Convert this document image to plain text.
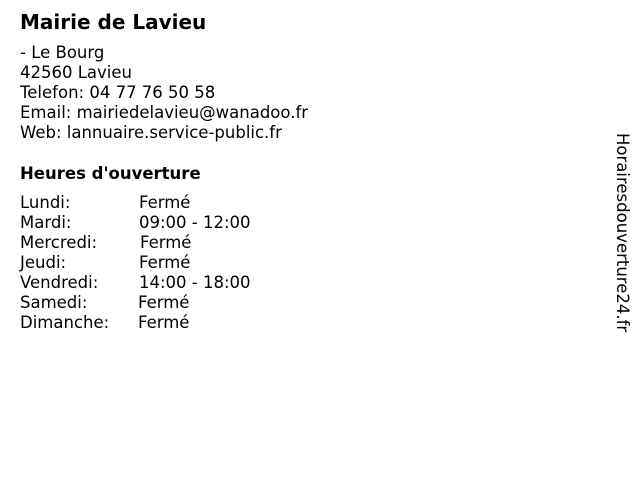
Mairie de Lavieu
- Le Bourg
42560 Lavieu
Telefon: 04 77 76 50 58
Email: mairiedelavieu@wanadoo.fr
Web: lannuaire.service-public.fr
Heures d'ouverture
Lundi:	Fermé
Mardi:	09:00 - 12:00
Mercredi:	Fermé
Jeudi:	Fermé
Vendredi: 14:00 - 18:00
Samedi:	Fermé
Dimanche: Fermé	Horairesdouverture24.fr
